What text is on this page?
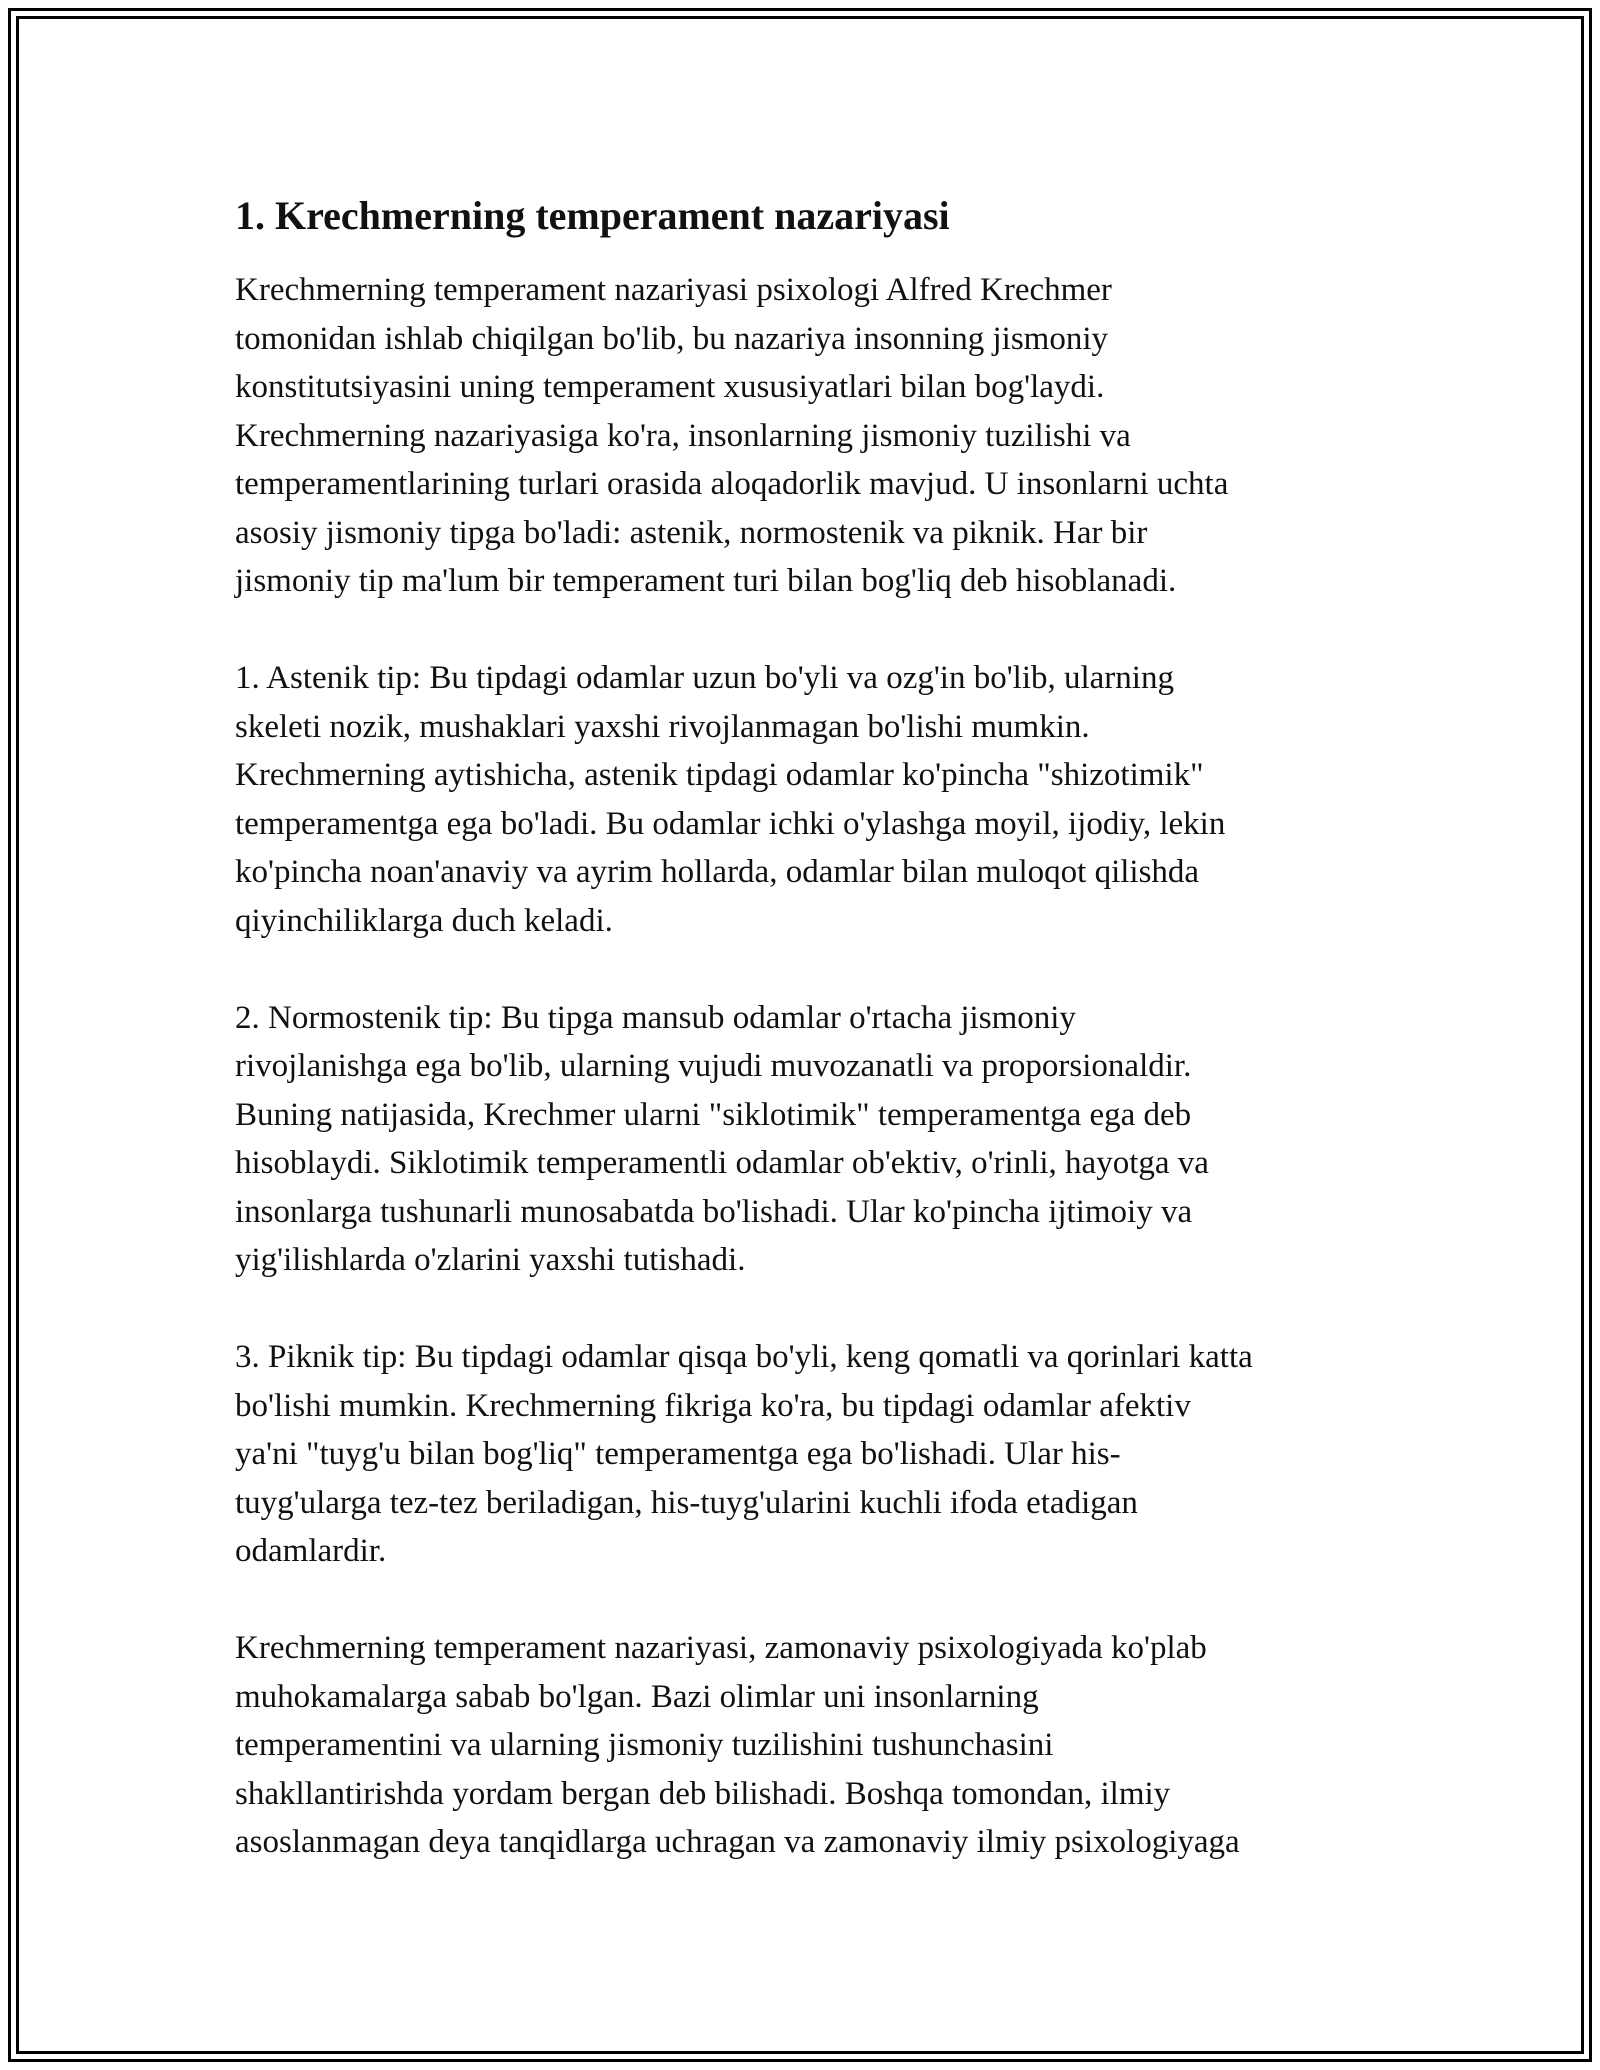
1. Krechmerning temperament nazariyasi
Krechmerning temperament nazariyasi psixologi Alfred Krechmer
tomonidan ishlab chiqilgan bo'lib, bu nazariya insonning jismoniy
konstitutsiyasini uning temperament xususiyatlari bilan bog'laydi.
Krechmerning nazariyasiga ko'ra, insonlarning jismoniy tuzilishi va
temperamentlarining turlari orasida aloqadorlik mavjud. U insonlarni uchta
asosiy jismoniy tipga bo'ladi: astenik, normostenik va piknik. Har bir
jismoniy tip ma'lum bir temperament turi bilan bog'liq deb hisoblanadi.
1. Astenik tip: Bu tipdagi odamlar uzun bo'yli va ozg'in bo'lib, ularning
skeleti nozik, mushaklari yaxshi rivojlanmagan bo'lishi mumkin.
Krechmerning aytishicha, astenik tipdagi odamlar ko'pincha "shizotimik"
temperamentga ega bo'ladi. Bu odamlar ichki o'ylashga moyil, ijodiy, lekin
ko'pincha noan'anaviy va ayrim hollarda, odamlar bilan muloqot qilishda
qiyinchiliklarga duch keladi.
2. Normostenik tip: Bu tipga mansub odamlar o'rtacha jismoniy
rivojlanishga ega bo'lib, ularning vujudi muvozanatli va proporsionaldir.
Buning natijasida, Krechmer ularni "siklotimik" temperamentga ega deb
hisoblaydi. Siklotimik temperamentli odamlar ob'ektiv, o'rinli, hayotga va
insonlarga tushunarli munosabatda bo'lishadi. Ular ko'pincha ijtimoiy va
yig'ilishlarda o'zlarini yaxshi tutishadi.
3. Piknik tip: Bu tipdagi odamlar qisqa bo'yli, keng qomatli va qorinlari katta
bo'lishi mumkin. Krechmerning fikriga ko'ra, bu tipdagi odamlar afektiv
ya'ni "tuyg'u bilan bog'liq" temperamentga ega bo'lishadi. Ular his-
tuyg'ularga tez-tez beriladigan, his-tuyg'ularini kuchli ifoda etadigan
odamlardir.
Krechmerning temperament nazariyasi, zamonaviy psixologiyada ko'plab
muhokamalarga sabab bo'lgan. Bazi olimlar uni insonlarning
temperamentini va ularning jismoniy tuzilishini tushunchasini
shakllantirishda yordam bergan deb bilishadi. Boshqa tomondan, ilmiy
asoslanmagan deya tanqidlarga uchragan va zamonaviy ilmiy psixologiyaga
